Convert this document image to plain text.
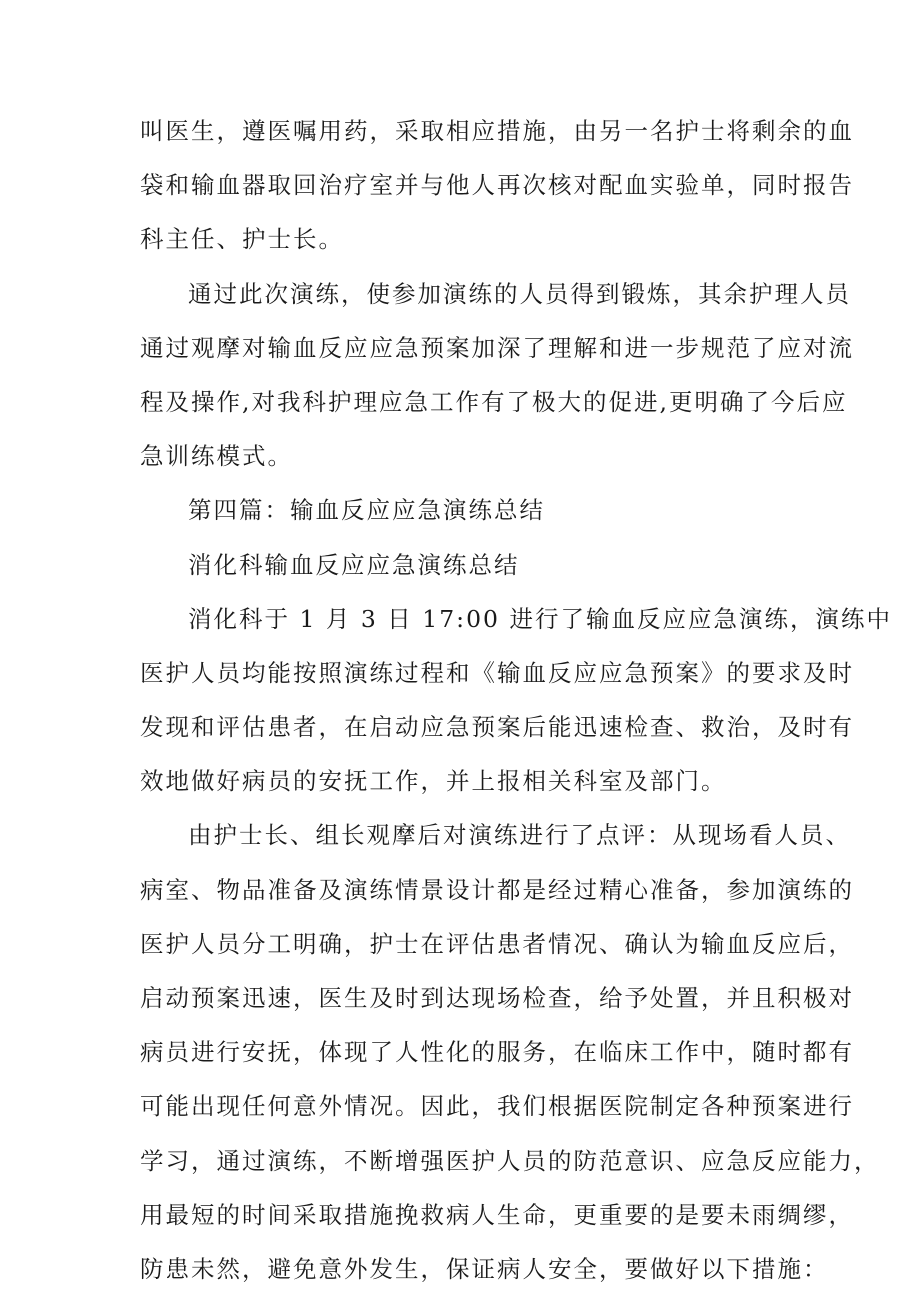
叫医生，遵医嘱用药，采取相应措施，由另一名护士将剩余的血
袋和输血器取回治疗室并与他人再次核对配血实验单，同时报告
科主任、护士长。
通过此次演练，使参加演练的人员得到锻炼，其余护理人员
通过观摩对输血反应应急预案加深了理解和进一步规范了应对流
程及操作,对我科护理应急工作有了极大的促进,更明确了今后应
急训练模式。
第四篇：输血反应应急演练总结
消化科输血反应应急演练总结
消化科于 1 月 3 日 17:00 进行了输血反应应急演练，演练中
医护人员均能按照演练过程和《输血反应应急预案》的要求及时
发现和评估患者，在启动应急预案后能迅速检查、救治，及时有
效地做好病员的安抚工作，并上报相关科室及部门。
由护士长、组长观摩后对演练进行了点评：从现场看人员、
病室、物品准备及演练情景设计都是经过精心准备，参加演练的
医护人员分工明确，护士在评估患者情况、确认为输血反应后，
启动预案迅速，医生及时到达现场检查，给予处置，并且积极对
病员进行安抚，体现了人性化的服务，在临床工作中，随时都有
可能出现任何意外情况。因此，我们根据医院制定各种预案进行
学习，通过演练，不断增强医护人员的防范意识、应急反应能力，
用最短的时间采取措施挽救病人生命，更重要的是要未雨绸缪，
防患未然，避免意外发生，保证病人安全，要做好以下措施：
